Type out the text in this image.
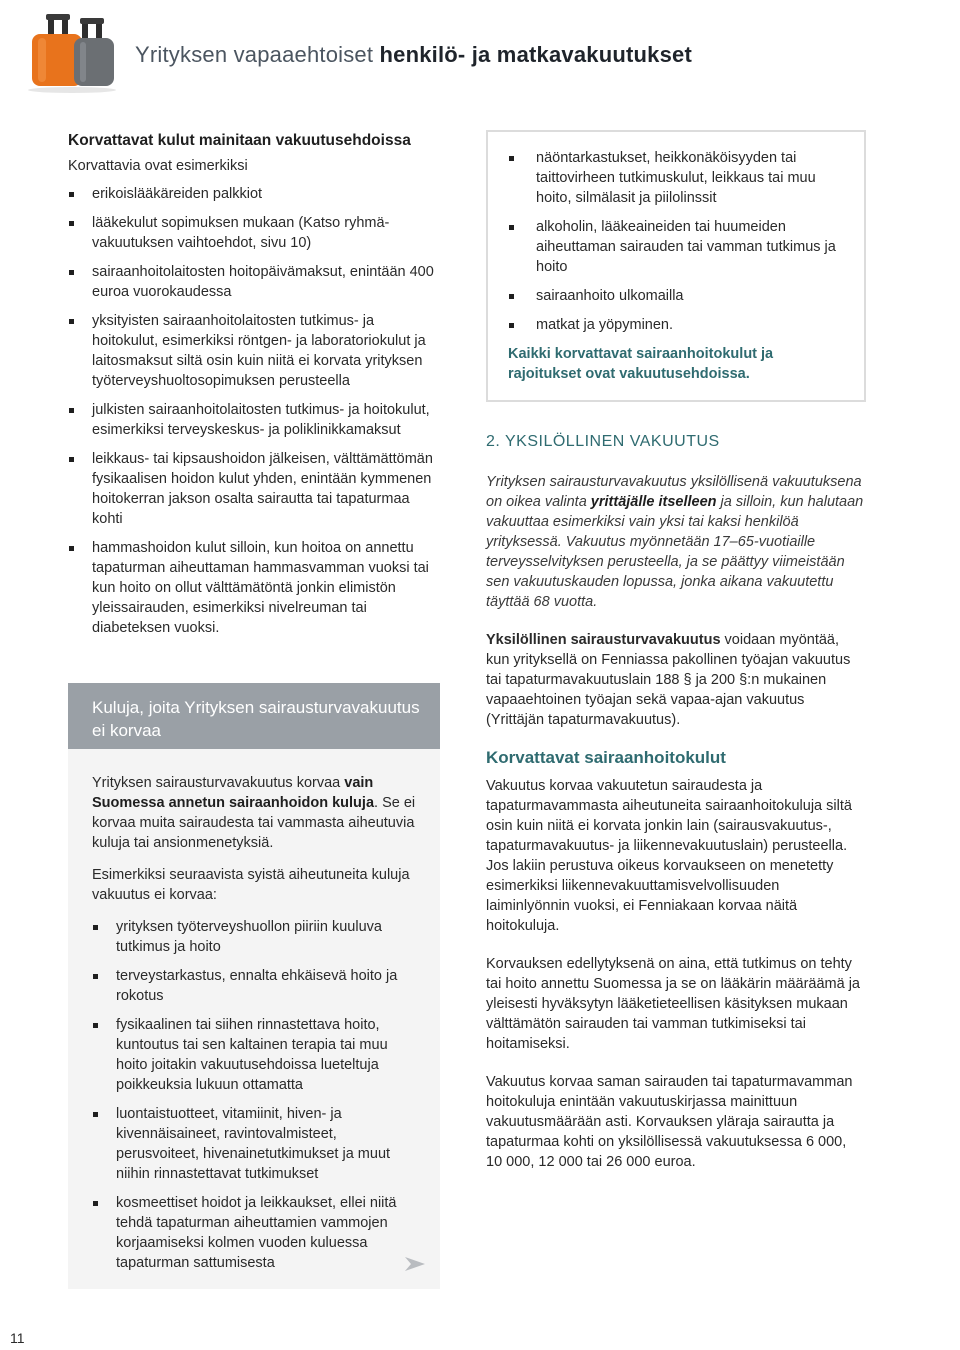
Yrityksen vapaaehtoiset henkilö- ja matkavakuutukset
Korvattavat kulut mainitaan vakuutusehdoissa

Korvattavia ovat esimerkiksi

erikoislääkäreiden palkkiot
lääkekulut sopimuksen mukaan (Katso ryhmä-vakuutuksen vaihtoehdot, sivu 10)
sairaanhoitolaitosten hoitopäivämaksut, enintään 400 euroa vuorokaudessa
yksityisten sairaanhoitolaitosten tutkimus- ja hoitokulut, esimerkiksi röntgen- ja laboratoriokulut ja laitosmaksut siltä osin kuin niitä ei korvata yrityksen työterveyshuoltosopimuksen perusteella
julkisten sairaanhoitolaitosten tutkimus- ja hoitokulut, esimerkiksi terveyskeskus- ja poliklinikkamaksut
leikkaus- tai kipsaushoidon jälkeisen, välttämättömän fysikaalisen hoidon kulut yhden, enintään kymmenen hoitokerran jakson osalta sairautta tai tapaturmaa kohti
hammashoidon kulut silloin, kun hoitoa on annettu tapaturman aiheuttaman hammasvamman vuoksi tai kun hoito on ollut välttämätöntä jonkin elimistön yleissairauden, esimerkiksi nivelreuman tai diabeteksen vuoksi.
Kuluja, joita Yrityksen sairausturvavakuutus ei korvaa

Yrityksen sairausturvavakuutus korvaa vain Suomessa annetun sairaanhoidon kuluja. Se ei korvaa muita sairaudesta tai vammasta aiheutuvia kuluja tai ansionmenetyksiä.

Esimerkiksi seuraavista syistä aiheutuneita kuluja vakuutus ei korvaa:

yrityksen työterveyshuollon piiriin kuuluva tutkimus ja hoito
terveystarkastus, ennalta ehkäisevä hoito ja rokotus
fysikaalinen tai siihen rinnastettava hoito, kuntoutus tai sen kaltainen terapia tai muu hoito joitakin vakuutusehdoissa lueteltuja poikkeuksia lukuun ottamatta
luontaistuotteet, vitamiinit, hiven- ja kivennäisaineet, ravintovalmisteet, perusvoiteet, hivenainetutkimukset ja muut niihin rinnastettavat tutkimukset
kosmeettiset hoidot ja leikkaukset, ellei niitä tehdä tapaturman aiheuttamien vammojen korjaamiseksi kolmen vuoden kuluessa tapaturman sattumisesta
näöntarkastukset, heikkonäköisyyden tai taittovirheen tutkimuskulut, leikkaus tai muu hoito, silmälasit ja piilolinssit
alkoholin, lääkeaineiden tai huumeiden aiheuttaman sairauden tai vamman tutkimus ja hoito
sairaanhoito ulkomailla
matkat ja yöpyminen.

Kaikki korvattavat sairaanhoitokulut ja rajoitukset ovat vakuutusehdoissa.

2. YKSILÖLLINEN VAKUUTUS

Yrityksen sairausturvavakuutus yksilöllisenä vakuutuksena on oikea valinta yrittäjälle itselleen ja silloin, kun halutaan vakuuttaa esimerkiksi vain yksi tai kaksi henkilöä yrityksessä. Vakuutus myönnetään 17–65-vuotiaille terveysselvityksen perusteella, ja se päättyy viimeistään sen vakuutuskauden lopussa, jonka aikana vakuutettu täyttää 68 vuotta.

Yksilöllinen sairausturvavakuutus voidaan myöntää, kun yrityksellä on Fenniassa pakollinen työajan vakuutus tai tapaturmavakuutuslain 188 § ja 200 §:n mukainen vapaaehtoinen työajan sekä vapaa-ajan vakuutus (Yrittäjän tapaturmavakuutus).

Korvattavat sairaanhoitokulut

Vakuutus korvaa vakuutetun sairaudesta ja tapaturmavammasta aiheutuneita sairaanhoitokuluja siltä osin kuin niitä ei korvata jonkin lain (sairausvakuutus-, tapaturmavakuutus- ja liikennevakuutuslain) perusteella. Jos lakiin perustuva oikeus korvaukseen on menetetty esimerkiksi liikennevakuuttamisvelvollisuuden laiminlyönnin vuoksi, ei Fenniakaan korvaa näitä hoitokuluja.

Korvauksen edellytyksenä on aina, että tutkimus on tehty tai hoito annettu Suomessa ja se on lääkärin määräämä ja yleisesti hyväksytyn lääketieteellisen käsityksen mukaan välttämätön sairauden tai vamman tutkimiseksi tai hoitamiseksi.

Vakuutus korvaa saman sairauden tai tapaturmavamman hoitokuluja enintään vakuutuskirjassa mainittuun vakuutusmäärään asti. Korvauksen yläraja sairautta ja tapaturmaa kohti on yksilöllisessä vakuutuksessa 6 000, 10 000, 12 000 tai 26 000 euroa.

11
